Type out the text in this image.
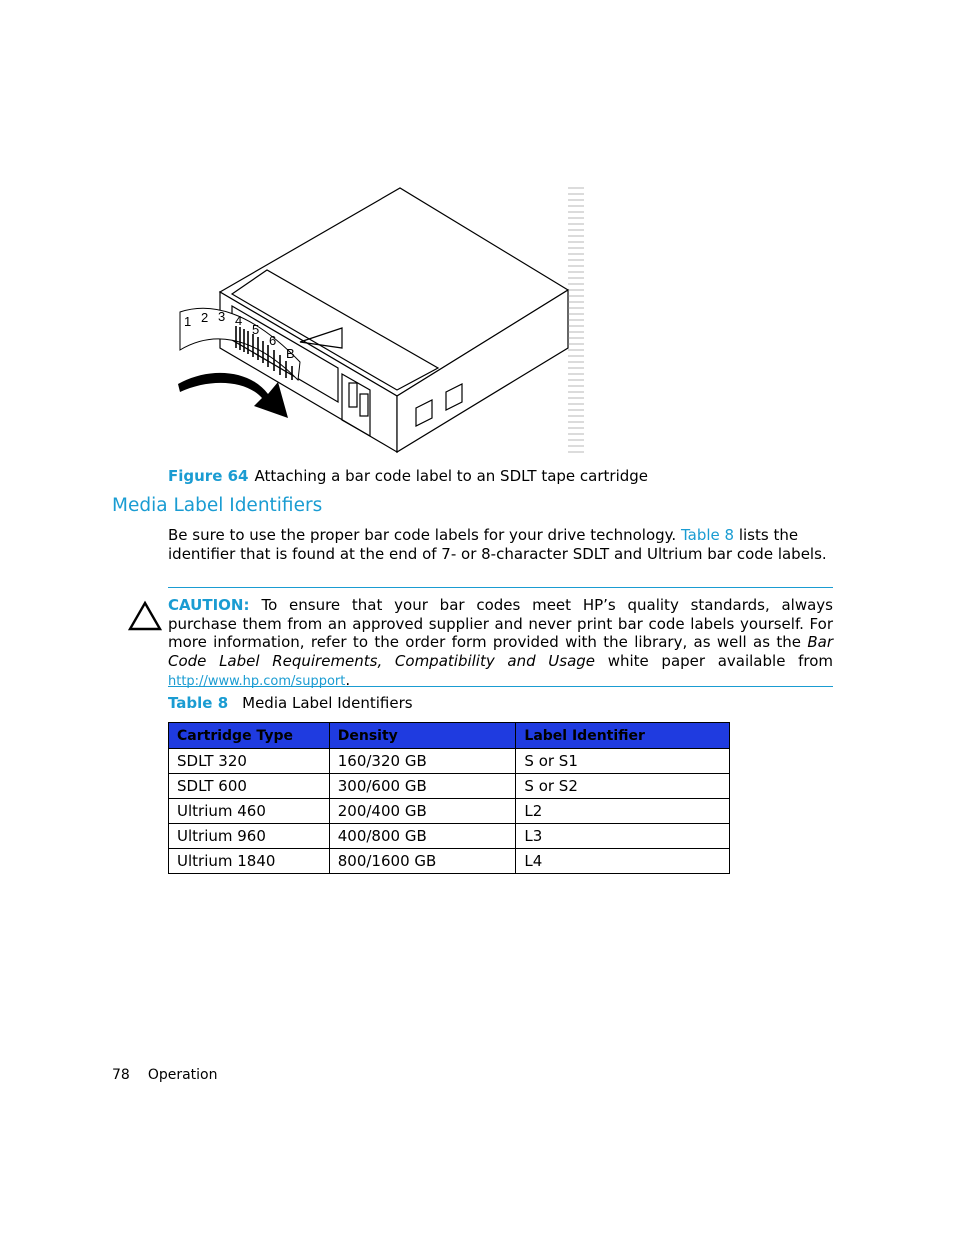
1 2 3 4
5
6
B
Figure 64 Attaching a bar code label to an SDLT tape cartridge
Media Label Identifiers
Be sure to use the proper bar code labels for your drive technology. Table 8 lists the identifier that is found at the end of 7- or 8-character SDLT and Ultrium bar code labels.
CAUTION: To ensure that your bar codes meet HP’s quality standards, always purchase them from an approved supplier and never print bar code labels yourself. For more information, refer to the order form provided with the library, as well as the Bar Code Label Requirements, Compatibility and Usage white paper available from http://www.hp.com/support.
Table 8 Media Label Identifiers
Cartridge Type	Density	Label Identifier
SDLT 320	160/320 GB	S or S1
SDLT 600	300/600 GB	S or S2
Ultrium 460	200/400 GB	L2
Ultrium 960	400/800 GB	L3
Ultrium 1840	800/1600 GB	L4
78 Operation
